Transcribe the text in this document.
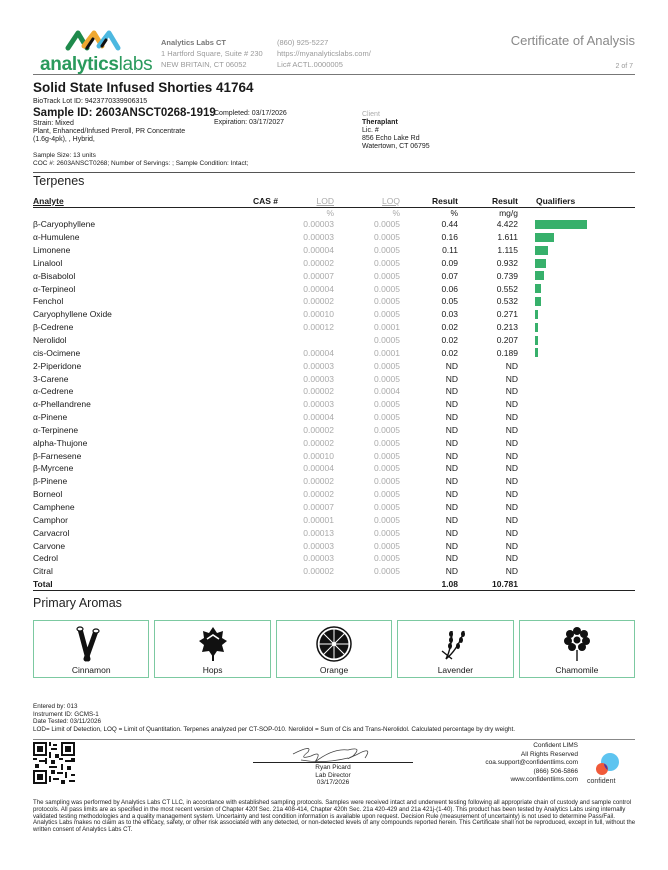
analyticslabs
Analytics Labs CT
1 Hartford Square, Suite # 230
NEW BRITAIN, CT 06052
(860) 925-5227
https://myanalyticslabs.com/
Lic# ACTL.0000005
Certificate of Analysis
2 of 7
Solid State Infused Shorties 41764
BioTrack Lot ID: 9423770339906315
Sample ID: 2603ANSCT0268-1919
Strain: Mixed
Plant, Enhanced/Infused Preroll, PR Concentrate
(1.6g-4pk), , Hybrid,
Completed: 03/17/2026
Expiration: 03/17/2027
Client
Theraplant
Lic. #
856 Echo Lake Rd
Watertown, CT 06795
Sample Size: 13 units
COC #: 2603ANSCT0268; Number of Servings: ; Sample Condition: Intact;
Terpenes
Analyte	CAS #	LOD	LOQ	Result	Result	Qualifiers
		%	%	%	mg/g	
β-Caryophyllene		0.00003	0.0005	0.44	4.422	

α-Humulene		0.00003	0.0005	0.16	1.611	

Limonene		0.00004	0.0005	0.11	1.115	

Linalool		0.00002	0.0005	0.09	0.932	

α-Bisabolol		0.00007	0.0005	0.07	0.739	

α-Terpineol		0.00004	0.0005	0.06	0.552	

Fenchol		0.00002	0.0005	0.05	0.532	

Caryophyllene Oxide		0.00010	0.0005	0.03	0.271	

β-Cedrene		0.00012	0.0001	0.02	0.213	

Nerolidol			0.0005	0.02	0.207	

cis-Ocimene		0.00004	0.0001	0.02	0.189	

2-Piperidone		0.00003	0.0005	ND	ND	
3-Carene		0.00003	0.0005	ND	ND	
α-Cedrene		0.00002	0.0004	ND	ND	
α-Phellandrene		0.00003	0.0005	ND	ND	
α-Pinene		0.00004	0.0005	ND	ND	
α-Terpinene		0.00002	0.0005	ND	ND	
alpha-Thujone		0.00002	0.0005	ND	ND	
β-Farnesene		0.00010	0.0005	ND	ND	
β-Myrcene		0.00004	0.0005	ND	ND	
β-Pinene		0.00002	0.0005	ND	ND	
Borneol		0.00002	0.0005	ND	ND	
Camphene		0.00007	0.0005	ND	ND	
Camphor		0.00001	0.0005	ND	ND	
Carvacrol		0.00013	0.0005	ND	ND	
Carvone		0.00003	0.0005	ND	ND	
Cedrol		0.00003	0.0005	ND	ND	
Citral		0.00002	0.0005	ND	ND	
Total				1.08	10.781	
Primary Aromas
Cinnamon	Hops	Orange	Lavender	Chamomile
Entered by: 013
Instrument ID: GCMS-1
Date Tested: 03/11/2026
LOD= Limit of Detection, LOQ = Limit of Quantitation. Terpenes analyzed per CT-SOP-010. Nerolidol = Sum of Cis and Trans-Nerolidol. Calculated percentage by dry weight.
Ryan Picard
Lab Director
03/17/2026
Confident LIMS
All Rights Reserved
coa.support@confidentlims.com
(866) 506-5866
www.confidentlims.com confident
The sampling was performed by Analytics Labs CT LLC, in accordance with established sampling protocols. Samples were received intact and underwent testing following all appropriate chain of custody and sample control protocols. All pass limits are as specified in the most recent version of Chapter 420f Sec. 21a 408-414, Chapter 420h Sec. 21a 420-429 and 21a 421j-(1-40). This product has been tested by Analytics Labs using internally validated testing methodologies and a quality management system. Uncertainty and test condition information is available upon request. Decision Rule (measurement of uncertainty) is not used to determine Pass/Fail. Analytics Labs makes no claim as to the efficacy, safety, or other risk associated with any detected, or non-detected levels of any compounds reported herein. This Certificate shall not be reproduced, except in full, without the written consent of Analytics Labs CT.
